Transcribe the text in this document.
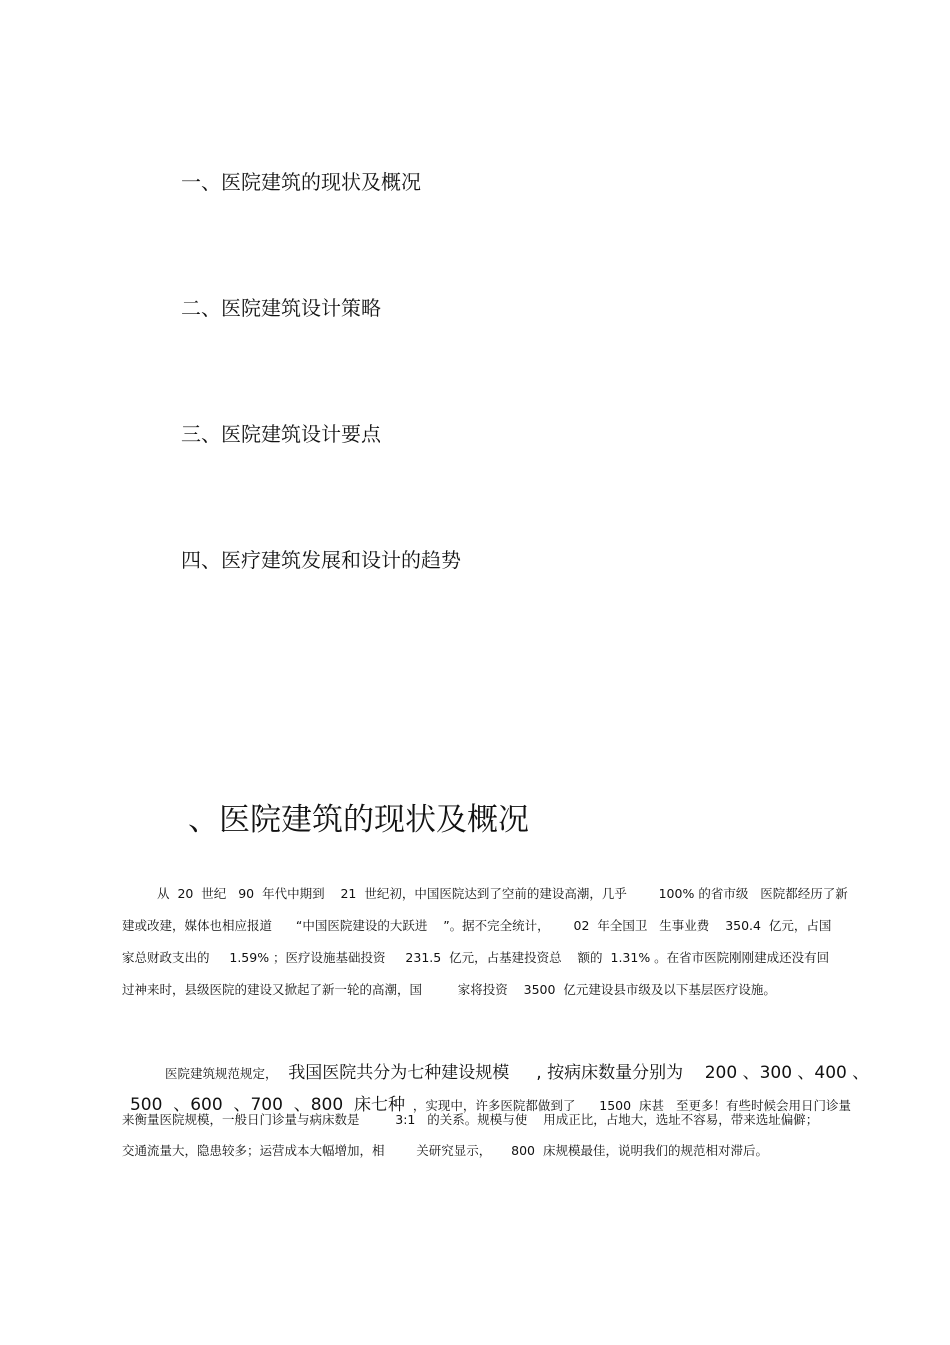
一、医院建筑的现状及概况
二、医院建筑设计策略
三、医院建筑设计要点
四、医疗建筑发展和设计的趋势
、医院建筑的现状及概况
从  20  世纪   90  年代中期到    21  世纪初，中国医院达到了空前的建设高潮，几乎        100% 的省市级   医院都经历了新
建或改建，媒体也相应报道      “中国医院建设的大跃进    ”。据不完全统计，      02  年全国卫   生事业费    350.4  亿元，占国
家总财政支出的     1.59% ；医疗设施基础投资     231.5  亿元，占基建投资总    额的  1.31% 。在省市医院刚刚建成还没有回
过神来时，县级医院的建设又掀起了新一轮的高潮，国         家将投资    3500  亿元建设县市级及以下基层医疗设施。

医院建筑规范规定，  我国医院共分为七种建设规模     , 按病床数量分别为    200 、300 、400 、

500  、600  、700  、800  床七种  ，实现中，许多医院都做到了      1500  床甚   至更多！有些时候会用日门诊量

来衡量医院规模，一般日门诊量与病床数是         3:1   的关系。规模与使    用成正比，占地大，选址不容易，带来选址偏僻；
交通流量大，隐患较多；运营成本大幅增加，相        关研究显示，     800  床规模最佳，说明我们的规范相对滞后。
